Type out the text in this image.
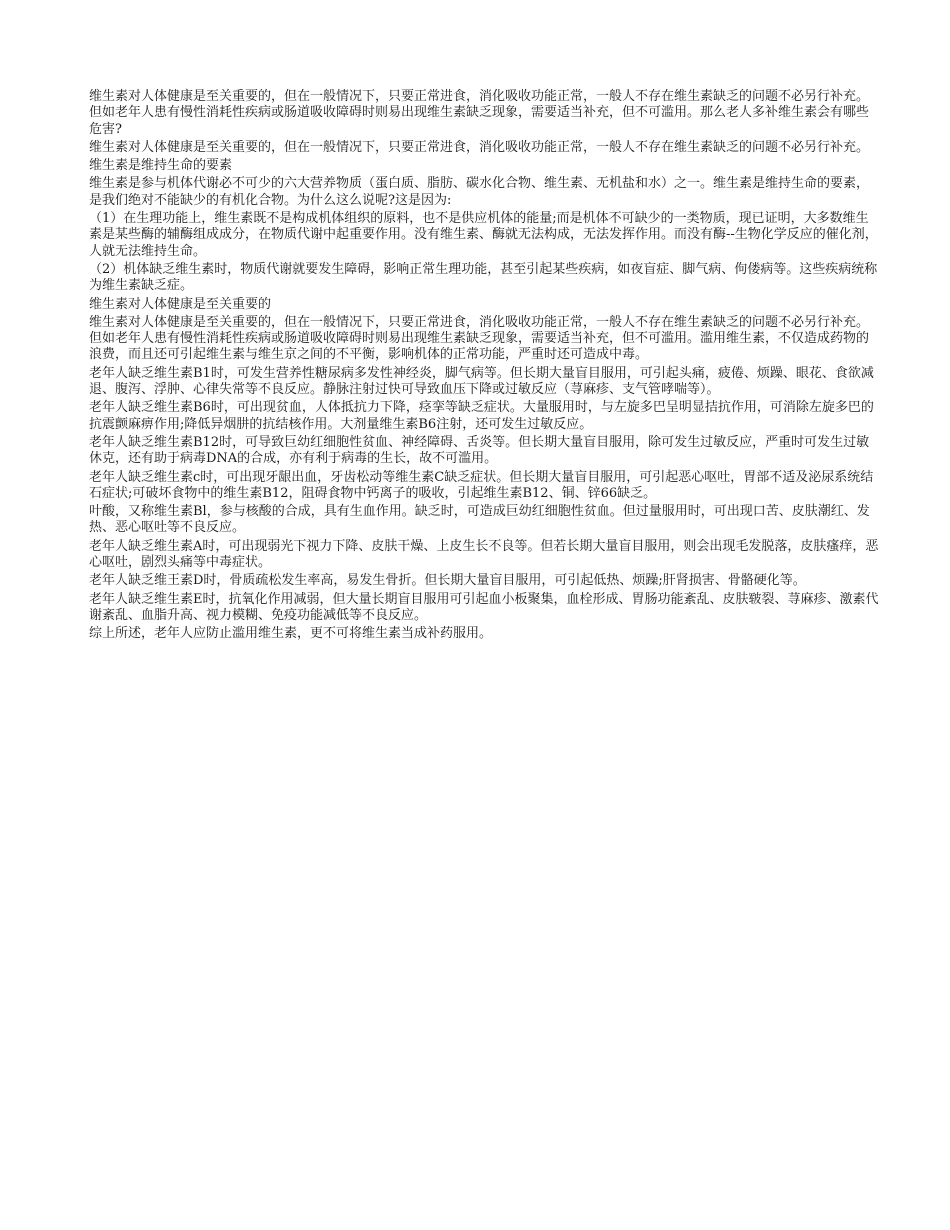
维生素对人体健康是至关重要的，但在一般情况下，只要正常进食，消化吸收功能正常，一般人不存在维生素缺乏的问题不必另行补充。但如老年人患有慢性消耗性疾病或肠道吸收障碍时则易出现维生素缺乏现象，需要适当补充，但不可滥用。那么老人多补维生素会有哪些危害?

维生素对人体健康是至关重要的，但在一般情况下，只要正常进食，消化吸收功能正常，一般人不存在维生素缺乏的问题不必另行补充。

维生素是维持生命的要素

维生素是参与机体代谢必不可少的六大营养物质（蛋白质、脂肪、碳水化合物、维生素、无机盐和水）之一。维生素是维持生命的要素，是我们绝对不能缺少的有机化合物。为什么这么说呢?这是因为:

（1）在生理功能上，维生素既不是构成机体组织的原料，也不是供应机体的能量;而是机体不可缺少的一类物质，现已证明，大多数维生素是某些酶的辅酶组成成分，在物质代谢中起重要作用。没有维生素、酶就无法构成，无法发挥作用。而没有酶--生物化学反应的催化剂，人就无法维持生命。

（2）机体缺乏维生素时，物质代谢就要发生障碍，影响正常生理功能，甚至引起某些疾病，如夜盲症、脚气病、佝偻病等。这些疾病统称为维生素缺乏症。

维生素对人体健康是至关重要的

维生素对人体健康是至关重要的，但在一般情况下，只要正常进食，消化吸收功能正常，一般人不存在维生素缺乏的问题不必另行补充。但如老年人患有慢性消耗性疾病或肠道吸收障碍时则易出现维生素缺乏现象，需要适当补充，但不可滥用。滥用维生素，不仅造成药物的浪费，而且还可引起维生素与维生京之间的不平衡，影响机体的正常功能，严重时还可造成中毒。

老年人缺乏维生素B1时，可发生营养性糖尿病多发性神经炎，脚气病等。但长期大量盲目服用，可引起头痛，疲倦、烦躁、眼花、食欲减退、腹泻、浮肿、心律失常等不良反应。静脉注射过快可导致血压下降或过敏反应（荨麻疹、支气管哮喘等）。

老年人缺乏维生素B6时，可出现贫血，人体抵抗力下降，痉挛等缺乏症状。大量服用时，与左旋多巴呈明显拮抗作用，可消除左旋多巴的抗震颤麻痹作用;降低异烟肼的抗结核作用。大剂量维生素B6注射，还可发生过敏反应。

老年人缺乏维生素B12时，可导致巨幼红细胞性贫血、神经障碍、舌炎等。但长期大量盲目服用，除可发生过敏反应，严重时可发生过敏休克，还有助于病毒DNA的合成，亦有利于病毒的生长，故不可滥用。

老年人缺乏维生素c时，可出现牙龈出血，牙齿松动等维生素C缺乏症状。但长期大量盲目服用，可引起恶心呕吐，胃部不适及泌尿系统结石症状;可破坏食物中的维生素B12，阻碍食物中钙离子的吸收，引起维生素B12、铜、锌66缺乏。

叶酸，又称维生素Bl，参与核酸的合成，具有生血作用。缺乏时，可造成巨幼红细胞性贫血。但过量服用时，可出现口苦、皮肤潮红、发热、恶心呕吐等不良反应。

老年人缺乏维生素A时，可出现弱光下视力下降、皮肤干燥、上皮生长不良等。但若长期大量盲目服用，则会出现毛发脱落，皮肤瘙痒，恶心呕吐，剧烈头痛等中毒症状。

老年人缺乏维王素D时，骨质疏松发生率高，易发生骨折。但长期大量盲目服用，可引起低热、烦躁;肝肾损害、骨骼硬化等。

老年人缺乏维生素E时，抗氧化作用减弱，但大量长期盲目服用可引起血小板聚集，血栓形成、胃肠功能紊乱、皮肤皲裂、荨麻疹、激素代谢紊乱、血脂升高、视力模糊、免疫功能减低等不良反应。

综上所述，老年人应防止滥用维生素，更不可将维生素当成补药服用。
